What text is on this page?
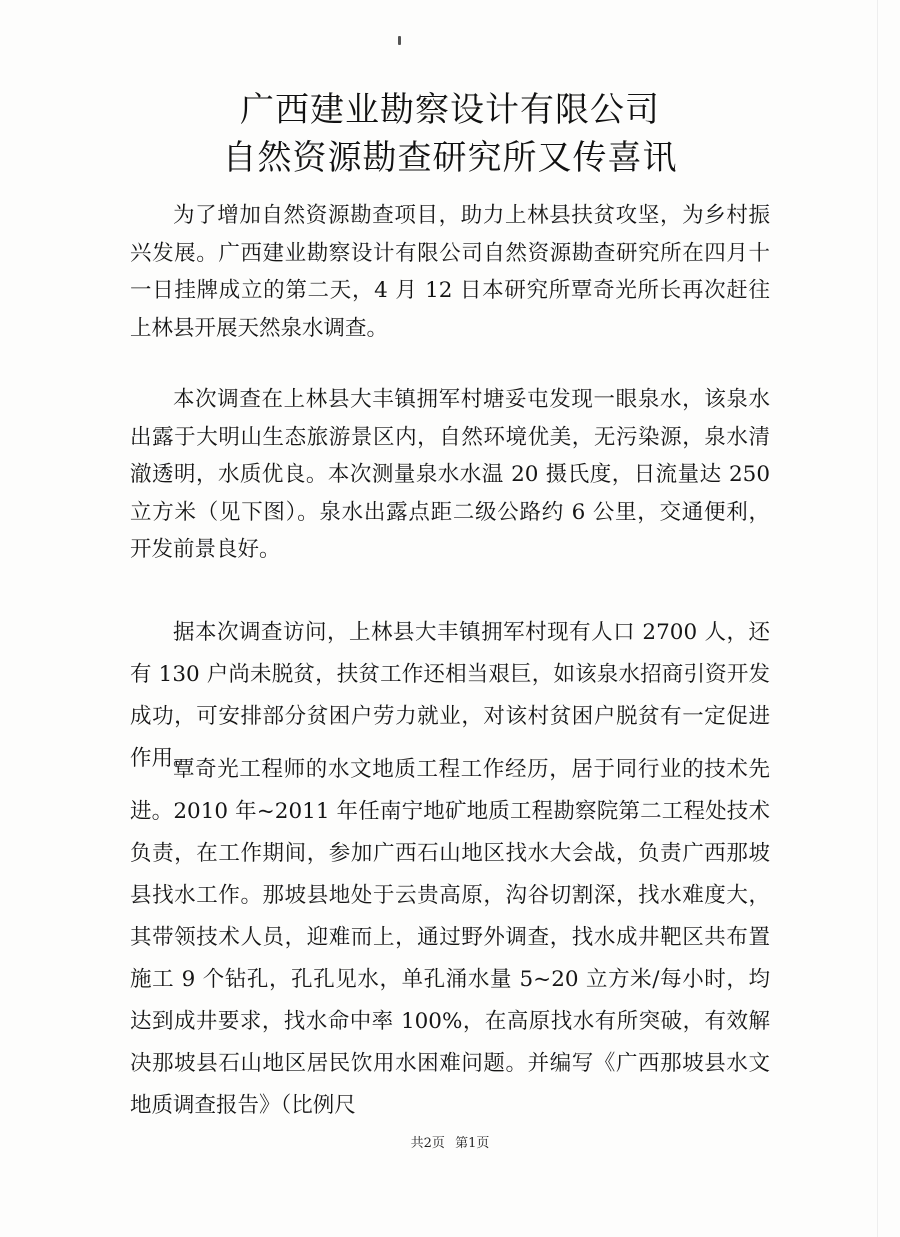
广西建业勘察设计有限公司
自然资源勘查研究所又传喜讯

为了增加自然资源勘查项目，助力上林县扶贫攻坚，为乡村振兴发展。广西建业勘察设计有限公司自然资源勘查研究所在四月十一日挂牌成立的第二天，4 月 12 日本研究所覃奇光所长再次赶往上林县开展天然泉水调查。

本次调查在上林县大丰镇拥军村塘妥屯发现一眼泉水，该泉水出露于大明山生态旅游景区内，自然环境优美，无污染源，泉水清澈透明，水质优良。本次测量泉水水温 20 摄氏度，日流量达 250 立方米（见下图）。泉水出露点距二级公路约 6 公里，交通便利，开发前景良好。

据本次调查访问，上林县大丰镇拥军村现有人口 2700 人，还有 130 户尚未脱贫，扶贫工作还相当艰巨，如该泉水招商引资开发成功，可安排部分贫困户劳力就业，对该村贫困户脱贫有一定促进作用。

覃奇光工程师的水文地质工程工作经历，居于同行业的技术先进。2010 年~2011 年任南宁地矿地质工程勘察院第二工程处技术负责，在工作期间，参加广西石山地区找水大会战，负责广西那坡县找水工作。那坡县地处于云贵高原，沟谷切割深，找水难度大，其带领技术人员，迎难而上，通过野外调查，找水成井靶区共布置施工 9 个钻孔，孔孔见水，单孔涌水量 5~20 立方米/每小时，均达到成井要求，找水命中率 100%，在高原找水有所突破，有效解决那坡县石山地区居民饮用水困难问题。并编写《广西那坡县水文地质调查报告》（比例尺

共2页 第1页
